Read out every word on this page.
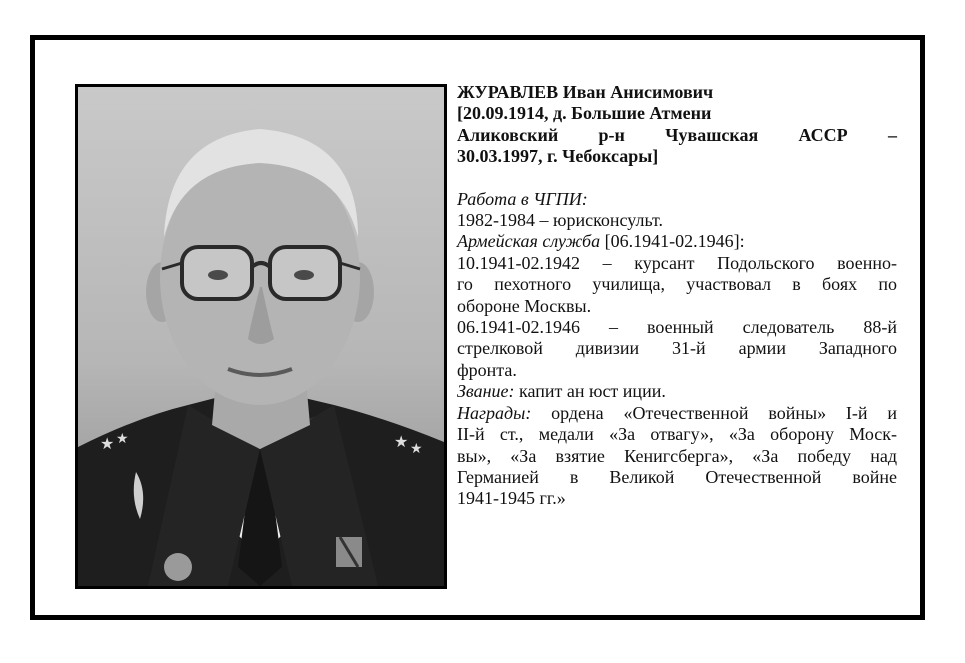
★ ★	★ ★

ЖУРАВЛЕВ Иван Анисимович

[20.09.1914, д. Большие Атмени

Аликовский р-н Чувашская АССР –

30.03.1997, г. Чебоксары]

Работа в ЧГПИ:

1982-1984 – юрисконсульт.

Армейская служба [06.1941-02.1946]:

10.1941-02.1942 – курсант Подольского военно-

го пехотного училища, участвовал в боях по

обороне Москвы.

06.1941-02.1946 – военный следователь 88-й

стрелковой дивизии 31-й армии Западного

фронта.

Звание: капит ан юст иции.

Награды: ордена «Отечественной войны» I-й и

II-й ст., медали «За отвагу», «За оборону Моск-

вы», «За взятие Кенигсберга», «За победу над

Германией в Великой Отечественной войне

1941-1945 гг.»
